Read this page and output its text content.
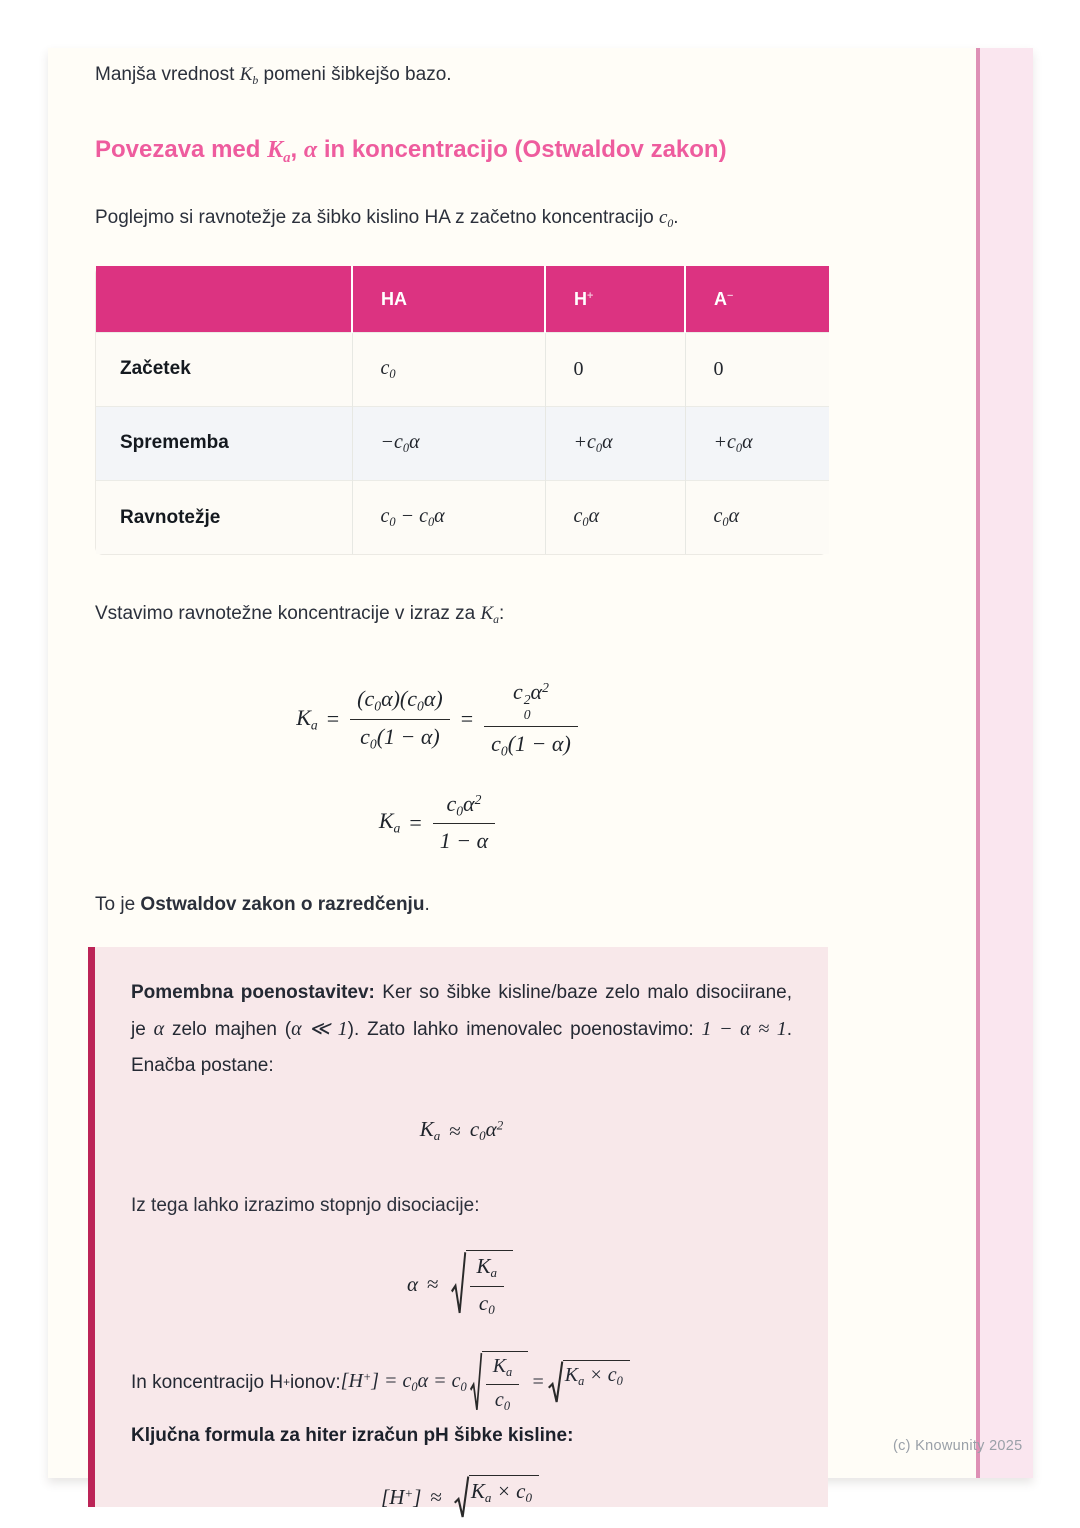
Manjša vrednost $K_b$ pomeni šibkejšo bazo.

Povezava med $K_a$, α in koncentracijo (Ostwaldov zakon)

Poglejmo si ravnotežje za šibko kislino HA z začetno koncentracijo $c_0$.

	HA	H+	A−
Začetek	$c_0$	0	0
Sprememba	$-c_0\alpha$	$+c_0\alpha$	$+c_0\alpha$
Ravnotežje	$c_0 - c_0\alpha$	$c_0\alpha$	$c_0\alpha$

Vstavimo ravnotežne koncentracije v izraz za $K_a$:

$K_a = \frac{(c_0\alpha)(c_0\alpha)}{c_0(1 - \alpha)} = c$ 2
0
$\alpha^2$
$c_0(1 - \alpha)$
$K_a = \frac{c_0\alpha^2}{1 - \alpha}$

To je Ostwaldov zakon o razredčenju.

Pomembna poenostavitev: Ker so šibke kisline/baze zelo malo disociirane, je α zelo majhen (α ≪ 1). Zato lahko imenovalec poenostavimo: 1 − α ≈ 1. Enačba postane:

$K_a \approx c_0\alpha^2$

Iz tega lahko izrazimo stopnjo disociacije:

α ≈	$\frac{K_a}{c_0}$
In koncentracijo H + ionov: $[H^+] = c_0\alpha = c_0 \frac{K_a}{c_0} = K_a \times c_0$

Ključna formula za hiter izračun pH šibke kisline:

[H+] ≈	$K_a \times c_0$
(c) Knowunity 2025
